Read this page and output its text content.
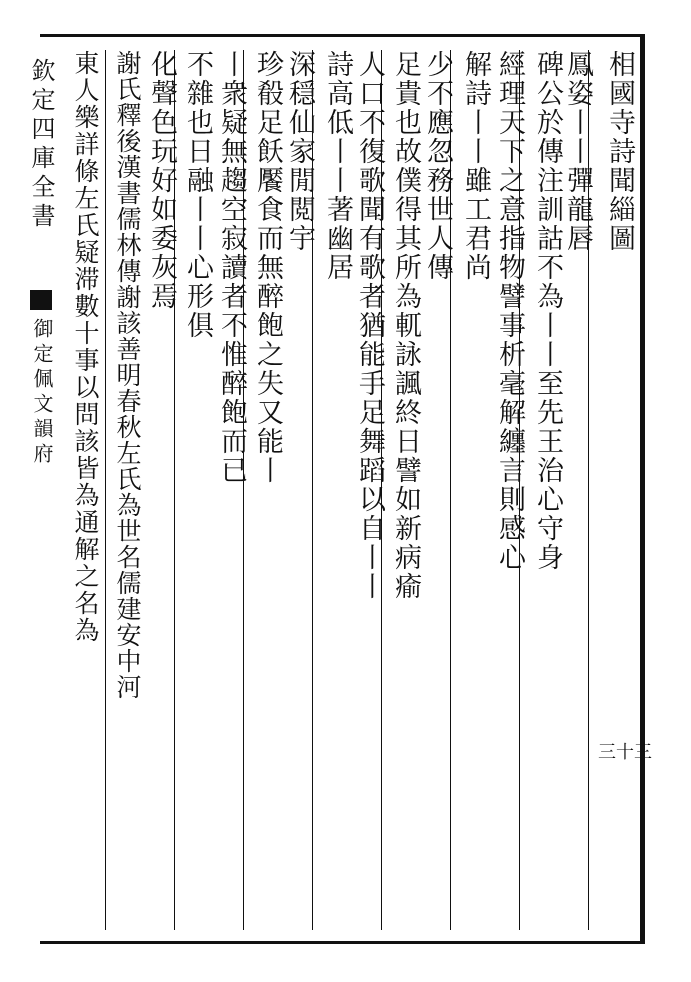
欽定四庫全書
御定佩文韻府
三十三
相國寺詩聞緇圖
鳳姿丨丨彈龍唇
碑公於傳注訓詁不為丨丨至先王治心守身
經理天下之意指物譬事析毫解纏言則感心
解詩丨丨雖工君尚
少不應忽務世人傳
足貴也故僕得其所為軏詠諷終日譬如新病瘉
人口不復歌聞有歌者猶能手足舞蹈以自丨丨
詩高低丨丨著幽居
深穏仙家閒閲宇
珍殽足飫饜食而無醉飽之失又能丨
丨衆疑無趨空寂讀者不惟醉飽而已
不雜也日融丨丨心形俱
化聲色玩好如委灰焉
謝氏釋後漢書儒林傳謝該善明春秋左氏為世名儒建安中河
東人樂詳條左氏疑滞數十事以問該皆為通解之名為
